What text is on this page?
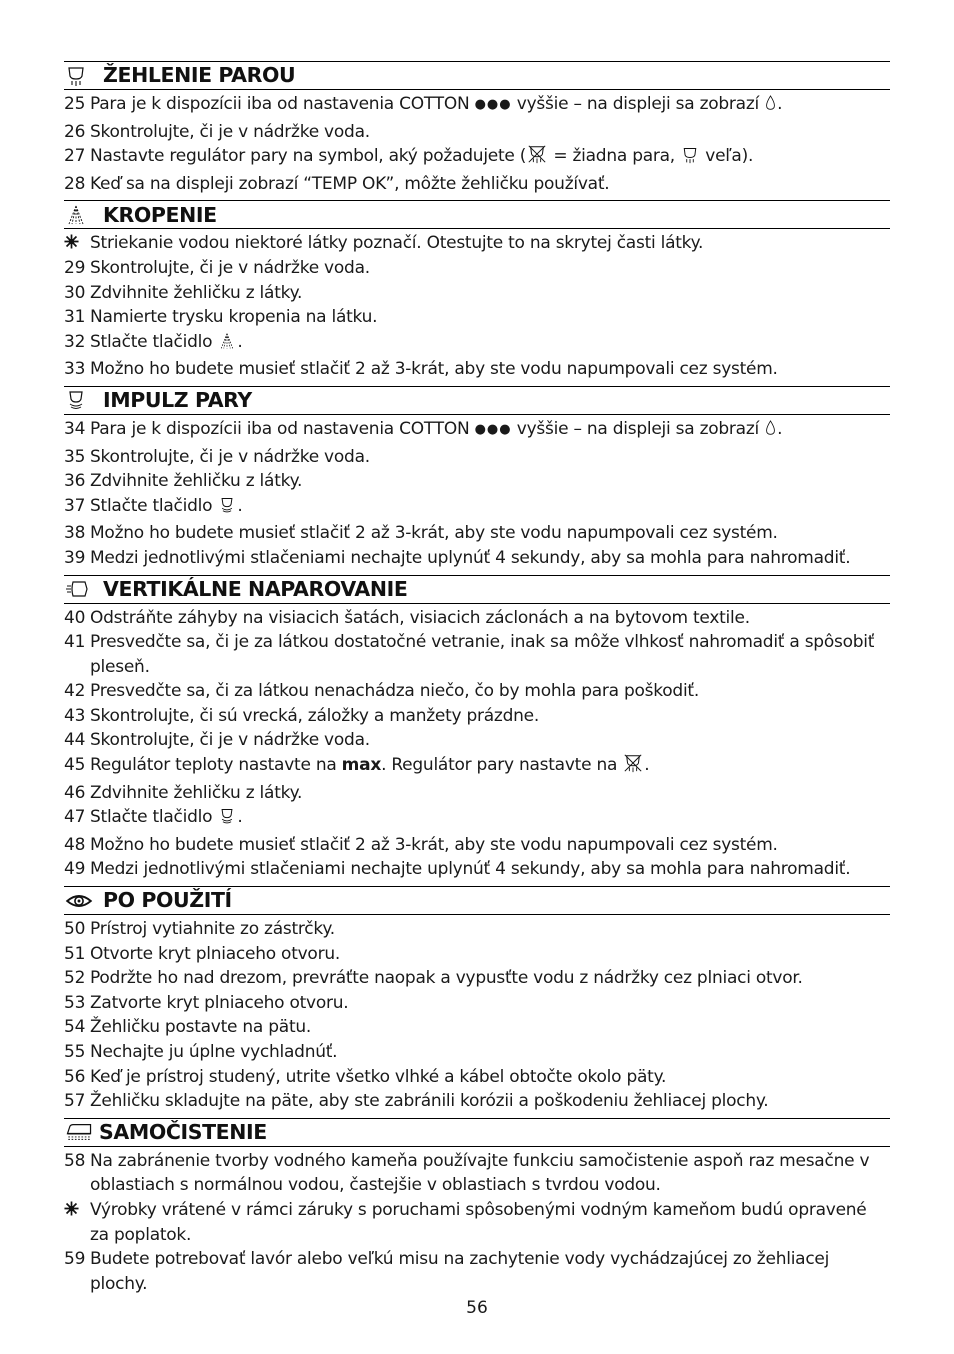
ŽEHLENIE PAROU
25 Para je k dispozícii iba od nastavenia COTTON ●●● vyššie – na displeji sa zobrazí .
26 Skontrolujte, či je v nádržke voda.
27 Nastavte regulátor pary na symbol, aký požadujete ( = žiadna para,  veľa).
28 Keď sa na displeji zobrazí “TEMP OK”, môžte žehličku používať.
KROPENIE
Striekanie vodou niektoré látky poznačí. Otestujte to na skrytej časti látky.
29 Skontrolujte, či je v nádržke voda.
30 Zdvihnite žehličku z látky.
31 Namierte trysku kropenia na látku.
32 Stlačte tlačidlo .
33 Možno ho budete musieť stlačiť 2 až 3-krát, aby ste vodu napumpovali cez systém.
IMPULZ PARY
34 Para je k dispozícii iba od nastavenia COTTON ●●● vyššie – na displeji sa zobrazí .
35 Skontrolujte, či je v nádržke voda.
36 Zdvihnite žehličku z látky.
37 Stlačte tlačidlo .
38 Možno ho budete musieť stlačiť 2 až 3-krát, aby ste vodu napumpovali cez systém.
39 Medzi jednotlivými stlačeniami nechajte uplynúť 4 sekundy, aby sa mohla para nahromadiť.
VERTIKÁLNE NAPAROVANIE
40 Odstráňte záhyby na visiacich šatách, visiacich záclonách a na bytovom textile.
41 Presvedčte sa, či je za látkou dostatočné vetranie, inak sa môže vlhkosť nahromadiť a spôsobiť pleseň.
42 Presvedčte sa, či za látkou nenachádza niečo, čo by mohla para poškodiť.
43 Skontrolujte, či sú vrecká, záložky a manžety prázdne.
44 Skontrolujte, či je v nádržke voda.
45 Regulátor teploty nastavte na max. Regulátor pary nastavte na .
46 Zdvihnite žehličku z látky.
47 Stlačte tlačidlo .
48 Možno ho budete musieť stlačiť 2 až 3-krát, aby ste vodu napumpovali cez systém.
49 Medzi jednotlivými stlačeniami nechajte uplynúť 4 sekundy, aby sa mohla para nahromadiť.
PO POUŽITÍ
50 Prístroj vytiahnite zo zástrčky.
51 Otvorte kryt plniaceho otvoru.
52 Podržte ho nad drezom, prevráťte naopak a vypusťte vodu z nádržky cez plniaci otvor.
53 Zatvorte kryt plniaceho otvoru.
54 Žehličku postavte na pätu.
55 Nechajte ju úplne vychladnúť.
56 Keď je prístroj studený, utrite všetko vlhké a kábel obtočte okolo päty.
57 Žehličku skladujte na päte, aby ste zabránili korózii a poškodeniu žehliacej plochy.
SAMOČISTENIE
58 Na zabránenie tvorby vodného kameňa používajte funkciu samočistenie aspoň raz mesačne v oblastiach s normálnou vodou, častejšie v oblastiach s tvrdou vodou.
Výrobky vrátené v rámci záruky s poruchami spôsobenými vodným kameňom budú opravené za poplatok.
59 Budete potrebovať lavór alebo veľkú misu na zachytenie vody vychádzajúcej zo žehliacej plochy.
56
